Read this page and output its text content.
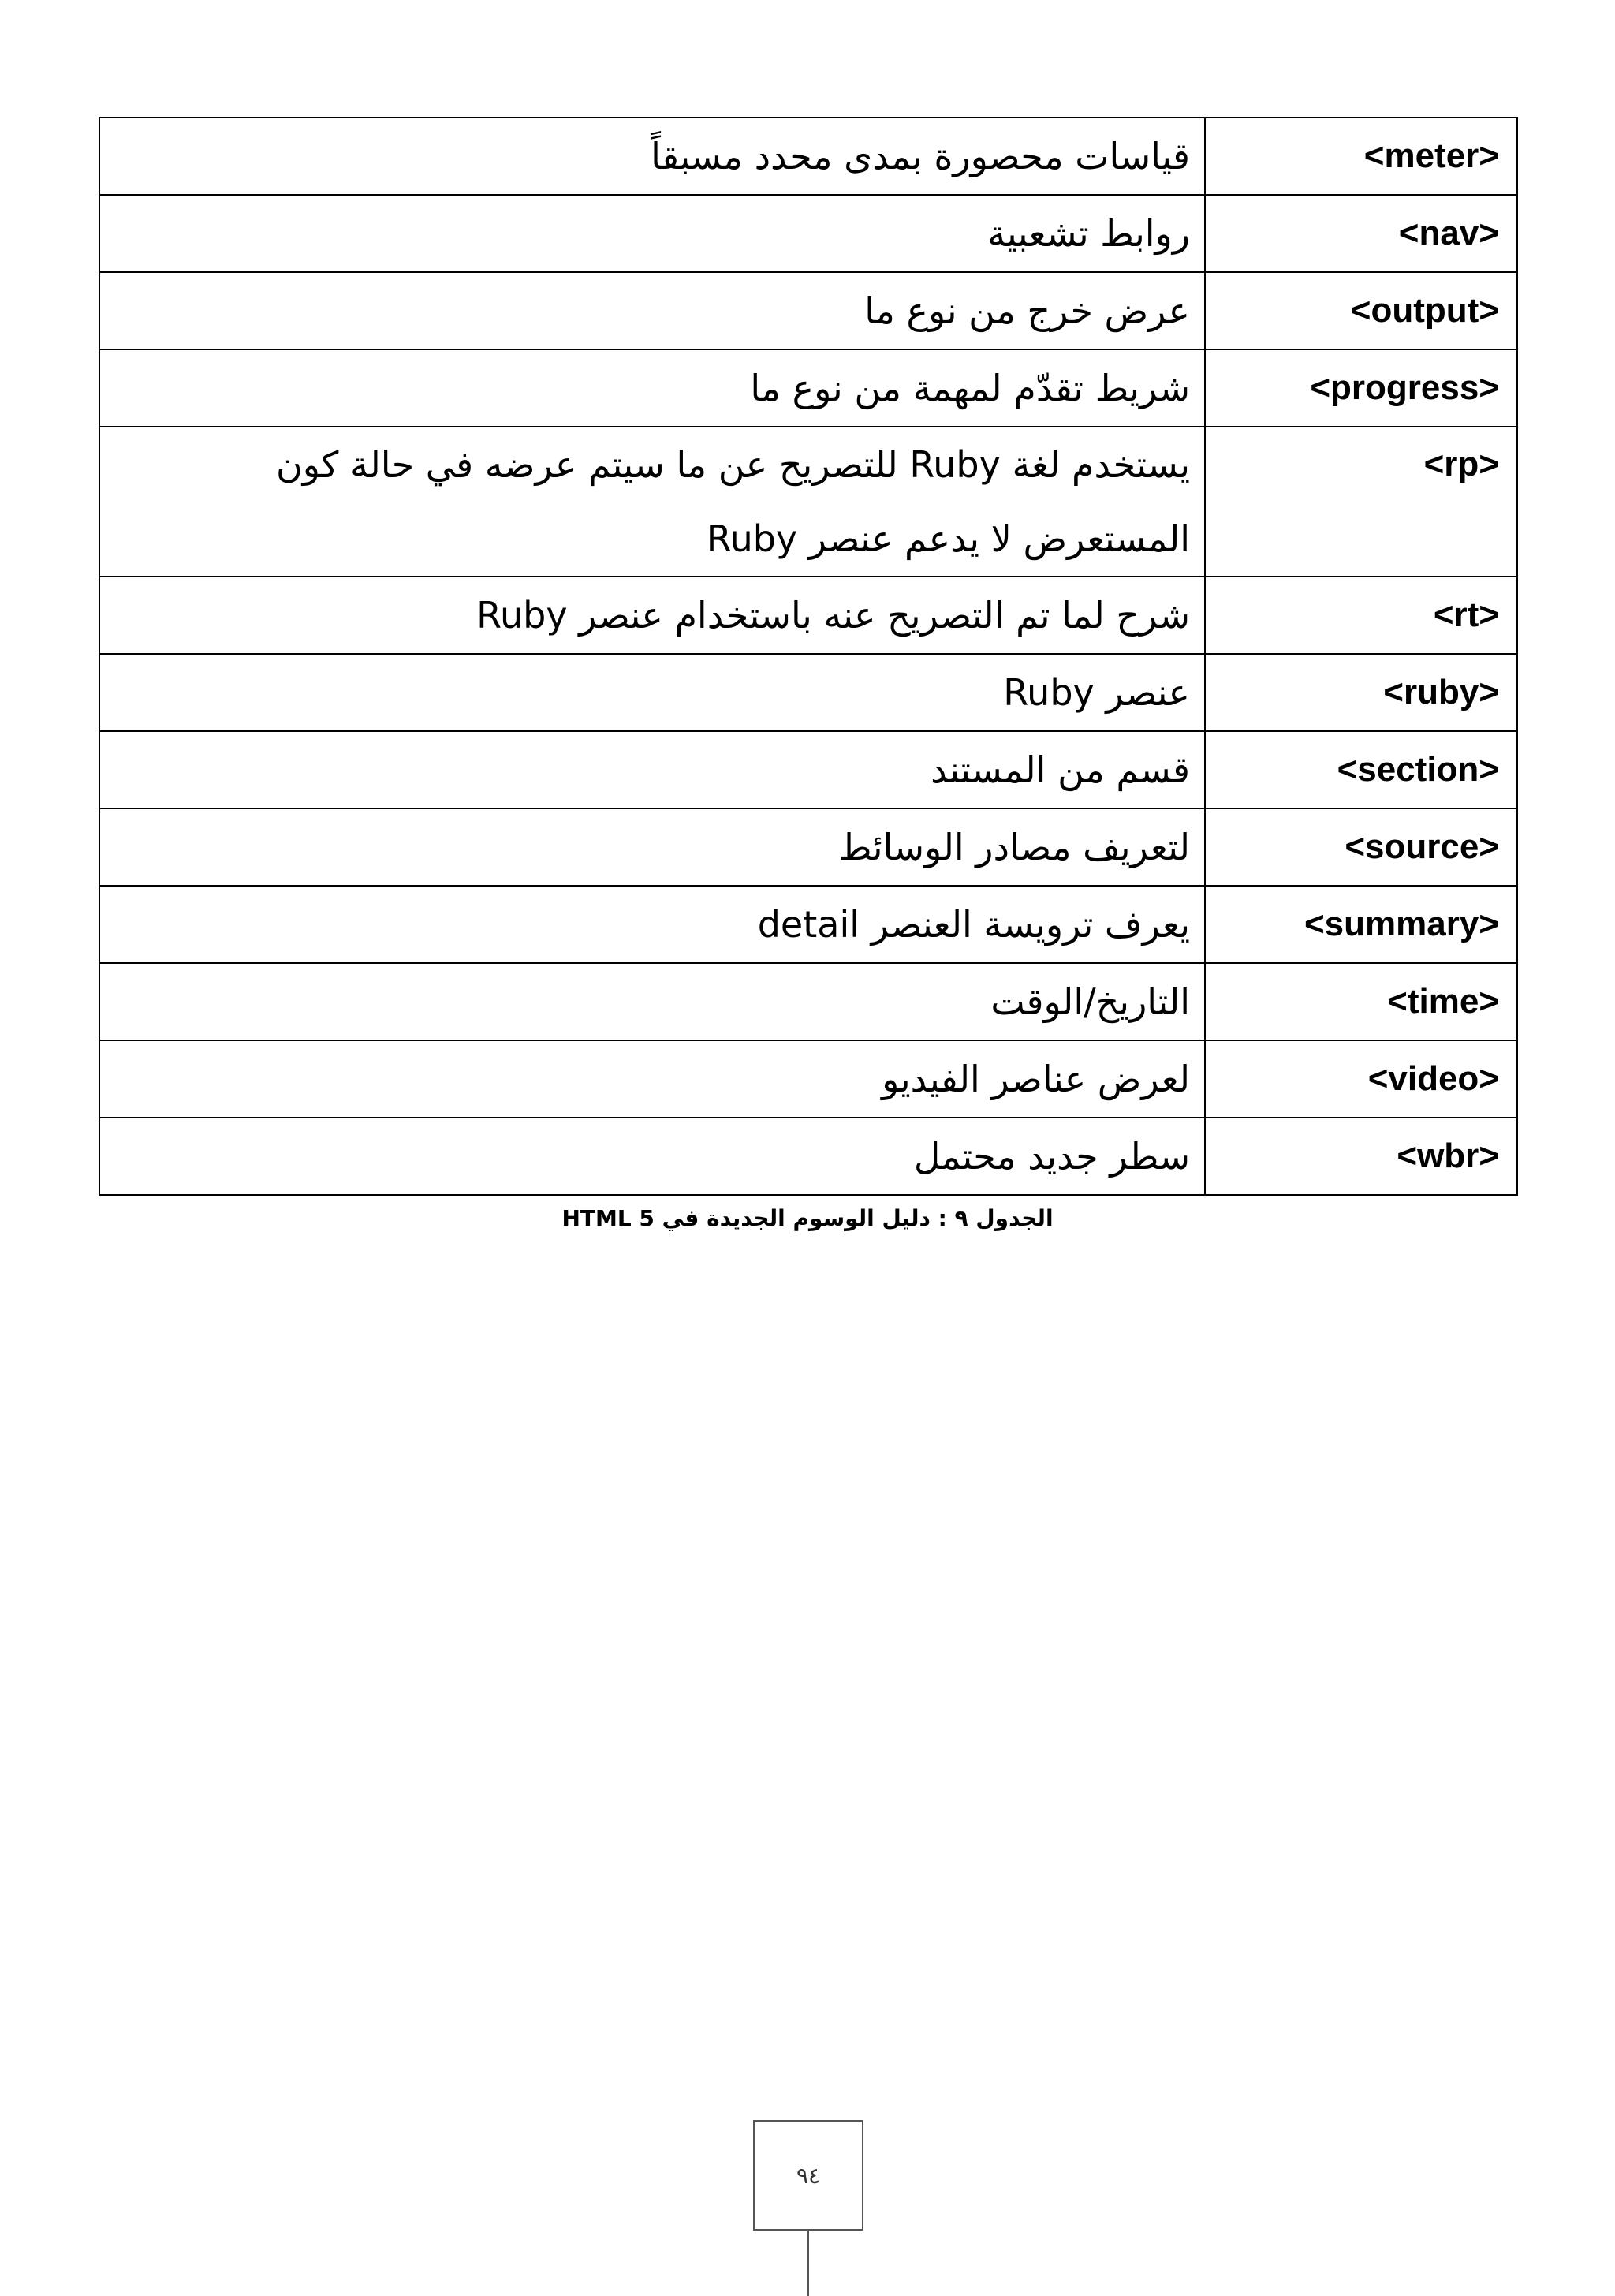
قياسات محصورة بمدى محدد مسبقاً	<meter>
روابط تشعبية	<nav>
عرض خرج من نوع ما	<output>
شريط تقدّم لمهمة من نوع ما	<progress>
يستخدم لغة Ruby للتصريح عن ما سيتم عرضه في حالة كون المستعرض لا يدعم عنصر Ruby	<rp>
شرح لما تم التصريح عنه باستخدام عنصر Ruby	<rt>
عنصر Ruby	<ruby>
قسم من المستند	<section>
لتعريف مصادر الوسائط	<source>
يعرف ترويسة العنصر detail	<summary>
التاريخ/الوقت	<time>
لعرض عناصر الفيديو	<video>
سطر جديد محتمل	<wbr>
الجدول ٩ : دليل الوسوم الجديدة في HTML 5
٩٤
